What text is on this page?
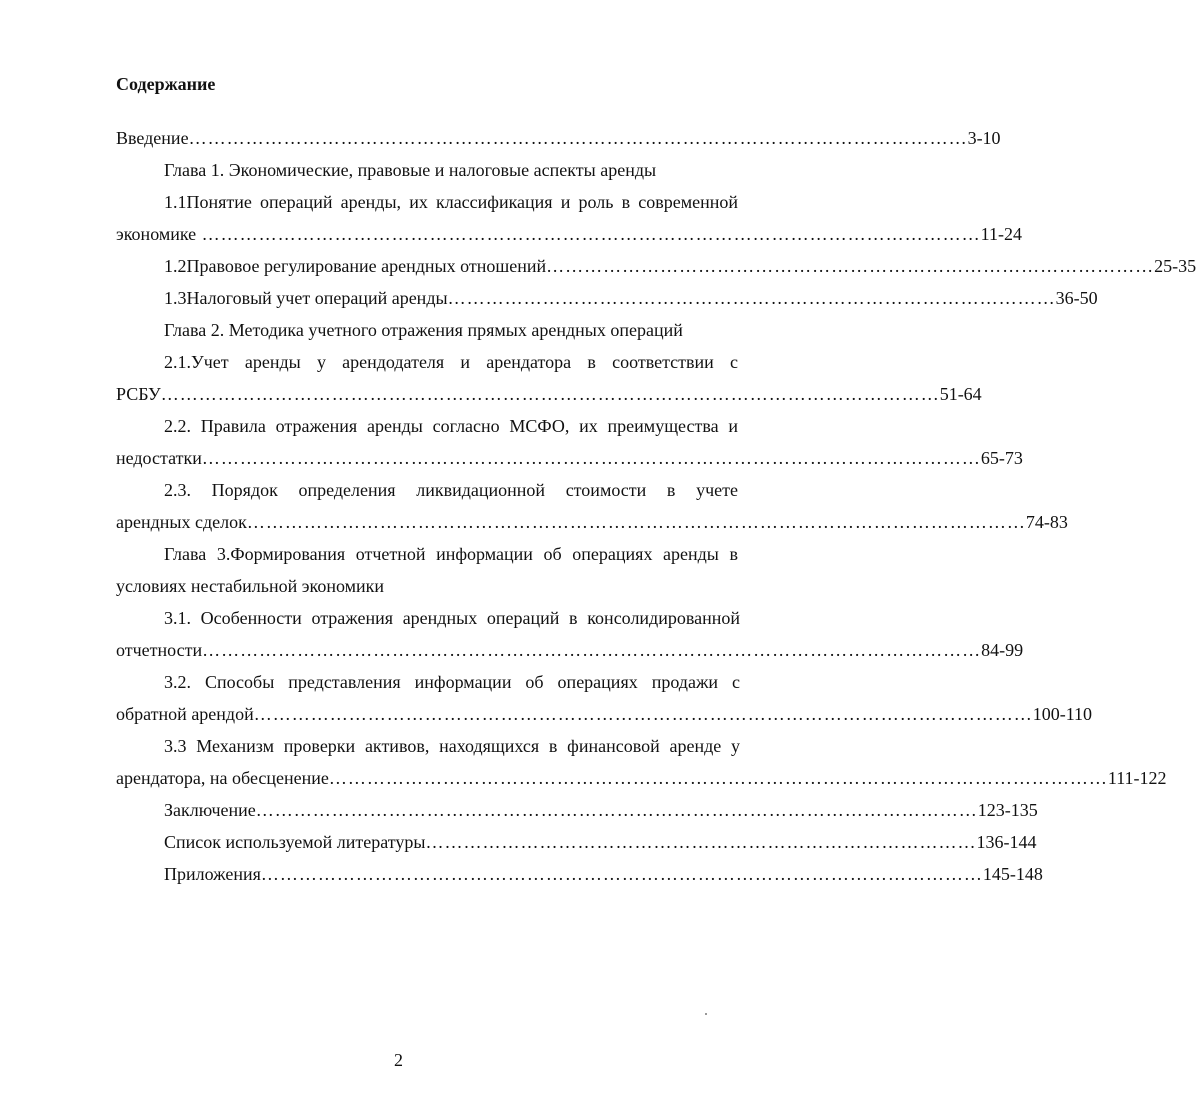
Содержание
Введение …………………………………………………………………………………………………………… 3-10
Глава 1. Экономические, правовые и налоговые аспекты аренды
1.1Понятие операций аренды, их классификация и роль в современной
экономике …………………………………………………………………………………………………………… 11-24
1.2Правовое регулирование арендных отношений …………………………………………………………………………………… 25-35
1.3Налоговый учет операций аренды …………………………………………………………………………………… 36-50
Глава 2. Методика учетного отражения прямых арендных операций
2.1.Учет аренды у арендодателя и арендатора в соответствии с
РСБУ …………………………………………………………………………………………………………… 51-64
2.2. Правила отражения аренды согласно МСФО, их преимущества и
недостатки …………………………………………………………………………………………………………… 65-73
2.3. Порядок определения ликвидационной стоимости в учете
арендных сделок …………………………………………………………………………………………………………… 74-83
Глава 3.Формирования отчетной информации об операциях аренды в
условиях нестабильной экономики
3.1. Особенности отражения арендных операций в консолидированной
отчетности …………………………………………………………………………………………………………… 84-99
3.2. Способы представления информации об операциях продажи с
обратной арендой …………………………………………………………………………………………………………… 100-110
3.3 Механизм проверки активов, находящихся в финансовой аренде у
арендатора, на обесценение …………………………………………………………………………………………………………… 111-122
Заключение …………………………………………………………………………………………………… 123-135
Список используемой литературы …………………………………………………………………………… 136-144
Приложения …………………………………………………………………………………………………… 145-148
2
